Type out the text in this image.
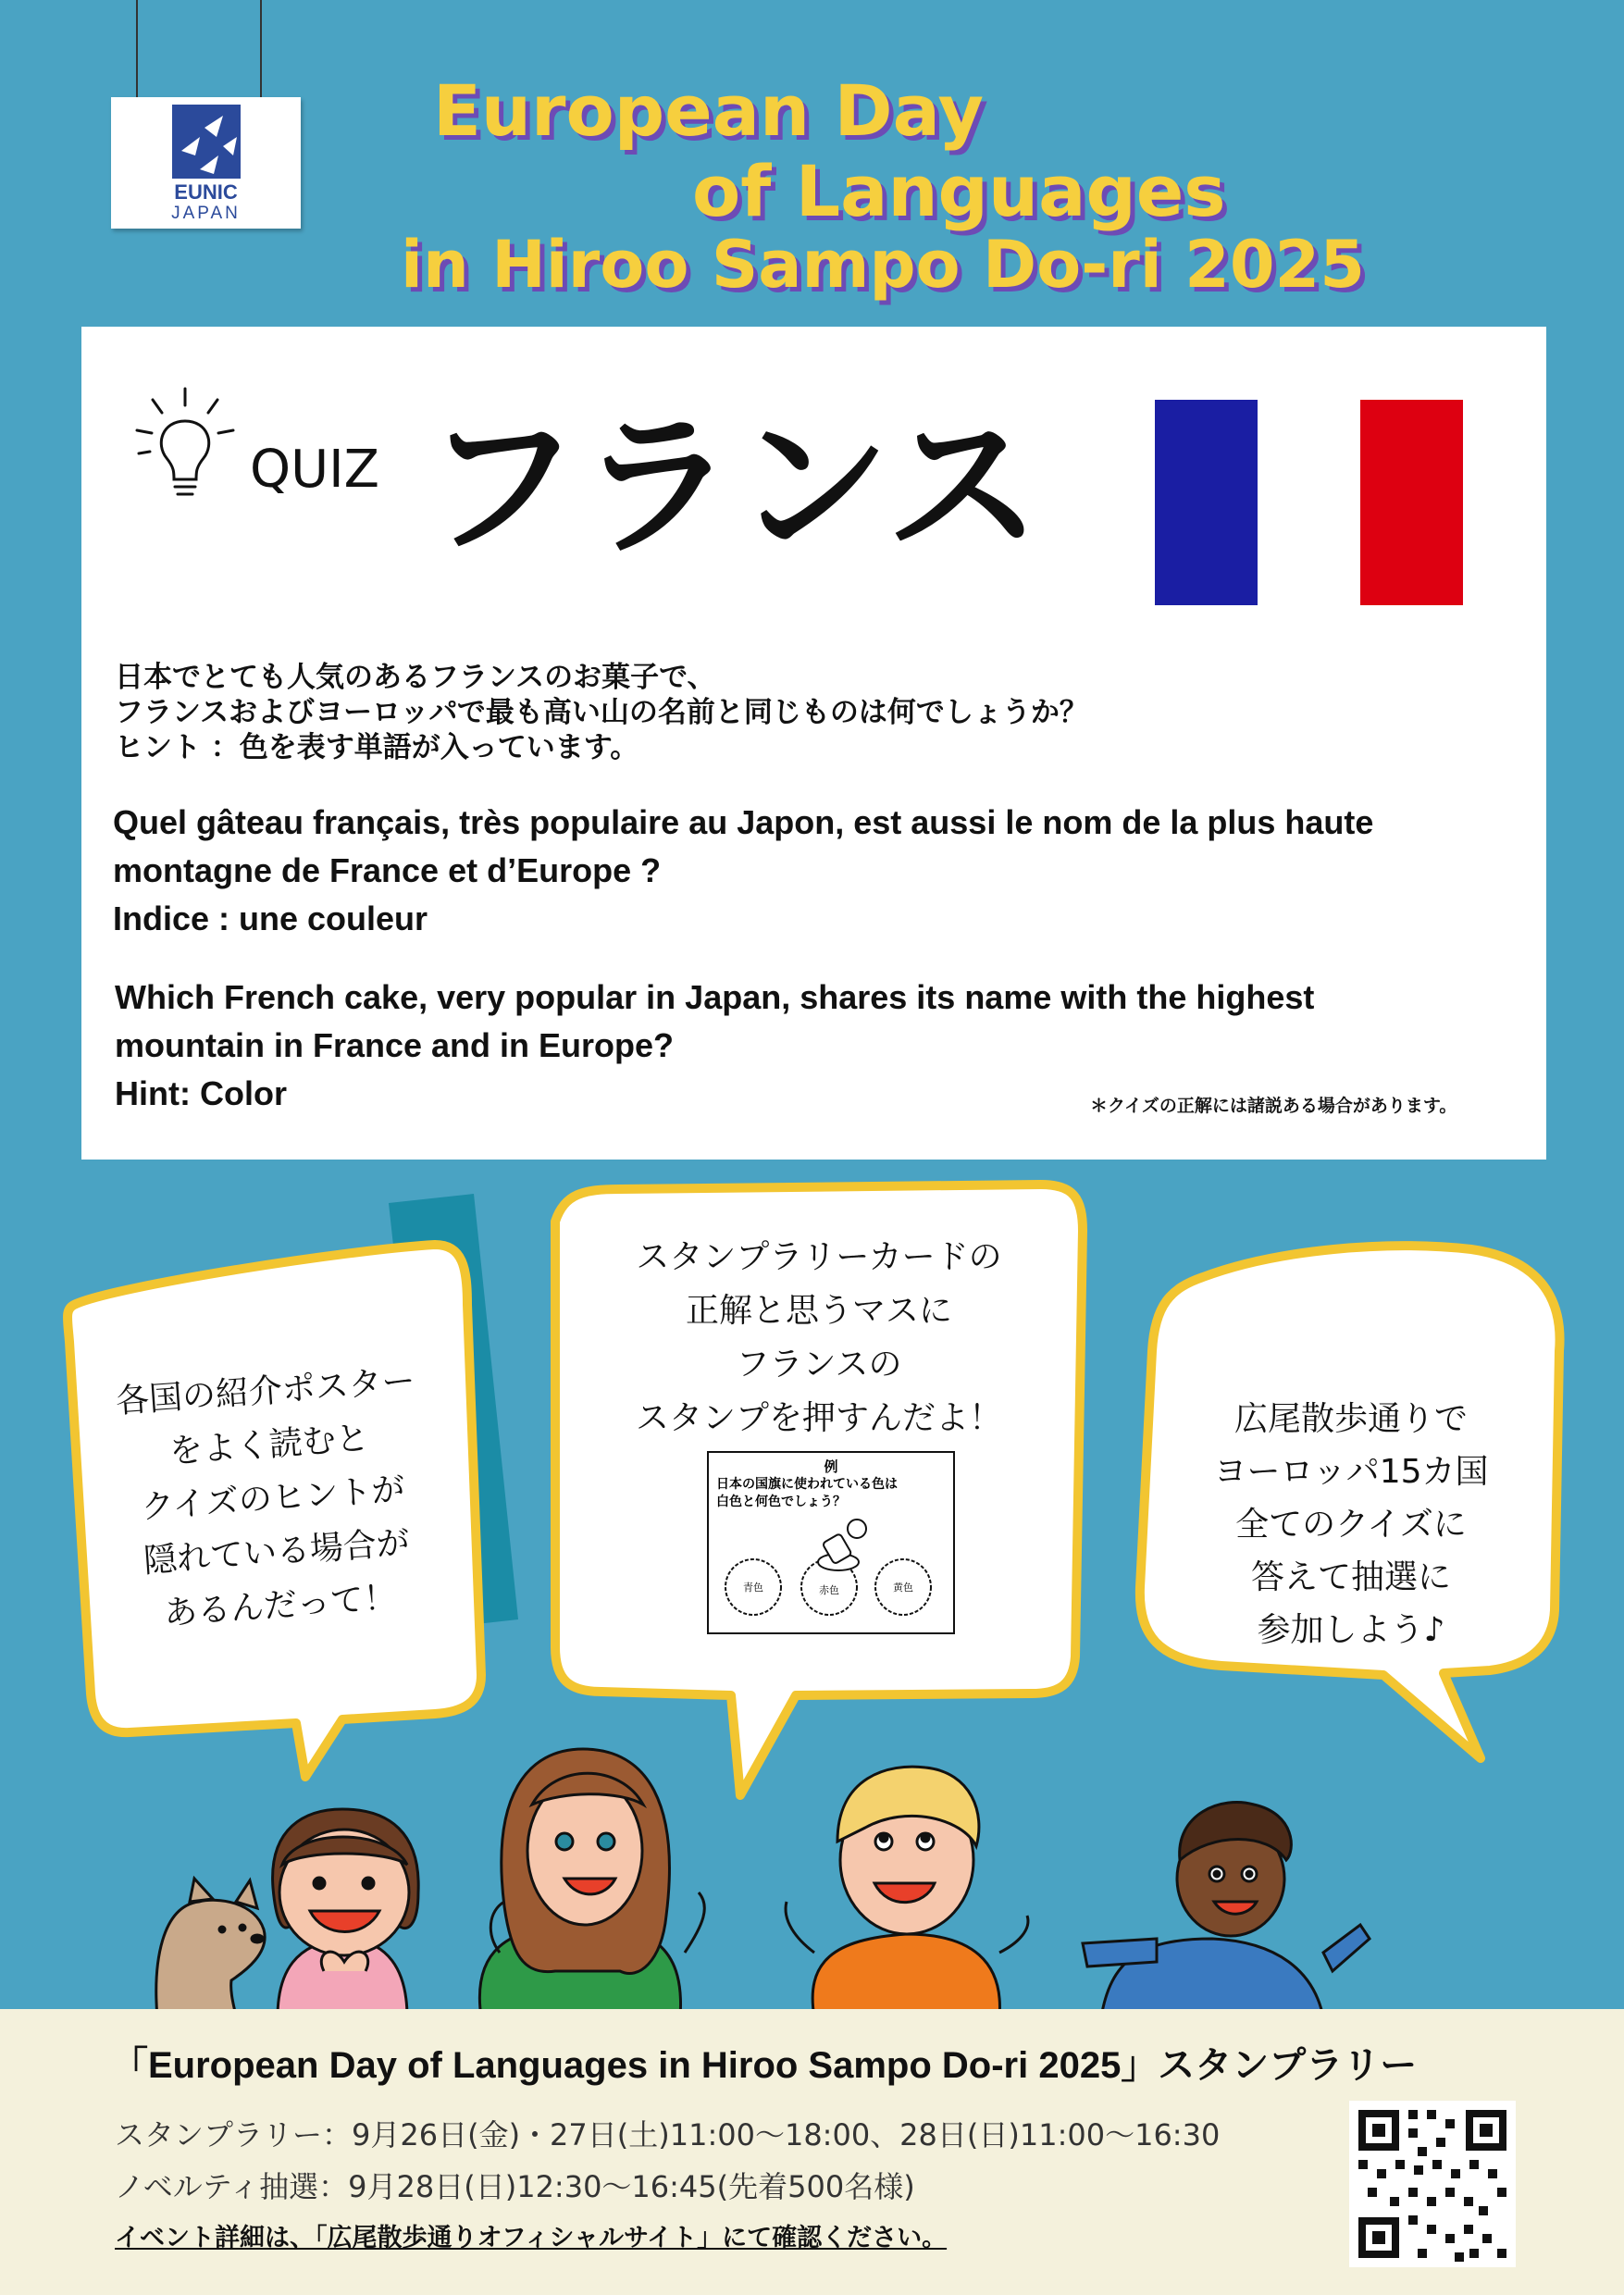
EUNIC
JAPAN
European Day
of Languages
in Hiroo Sampo Do-ri 2025
QUIZ フランス
日本でとても人気のあるフランスのお菓子で、
フランスおよびヨーロッパで最も高い山の名前と同じものは何でしょうか？
ヒント ：色を表す単語が入っています。
Quel gâteau français, très populaire au Japon, est aussi le nom de la plus haute
montagne de France et d’Europe ?
Indice : une couleur
Which French cake, very popular in Japan, shares its name with the highest
mountain in France and in Europe?
Hint: Color	＊クイズの正解には諸説ある場合があります。
各国の紹介ポスター
をよく読むと
クイズのヒントが
隠れている場合が
あるんだって！
スタンプラリーカードの
正解と思うマスに
フランスの
スタンプを押すんだよ！
例
日本の国旗に使われている色は
白色と何色でしょう？
青色	赤色	黄色
広尾散歩通りで
ヨーロッパ15カ国
全てのクイズに
答えて抽選に
参加しよう♪
「European Day of Languages in Hiroo Sampo Do-ri 2025」スタンプラリー
スタンプラリー：9月26日(金)・27日(土)11:00～18:00、28日(日)11:00～16:30
ノベルティ抽選：9月28日(日)12:30～16:45(先着500名様)
イベント詳細は、「広尾散歩通りオフィシャルサイト」にて確認ください。
